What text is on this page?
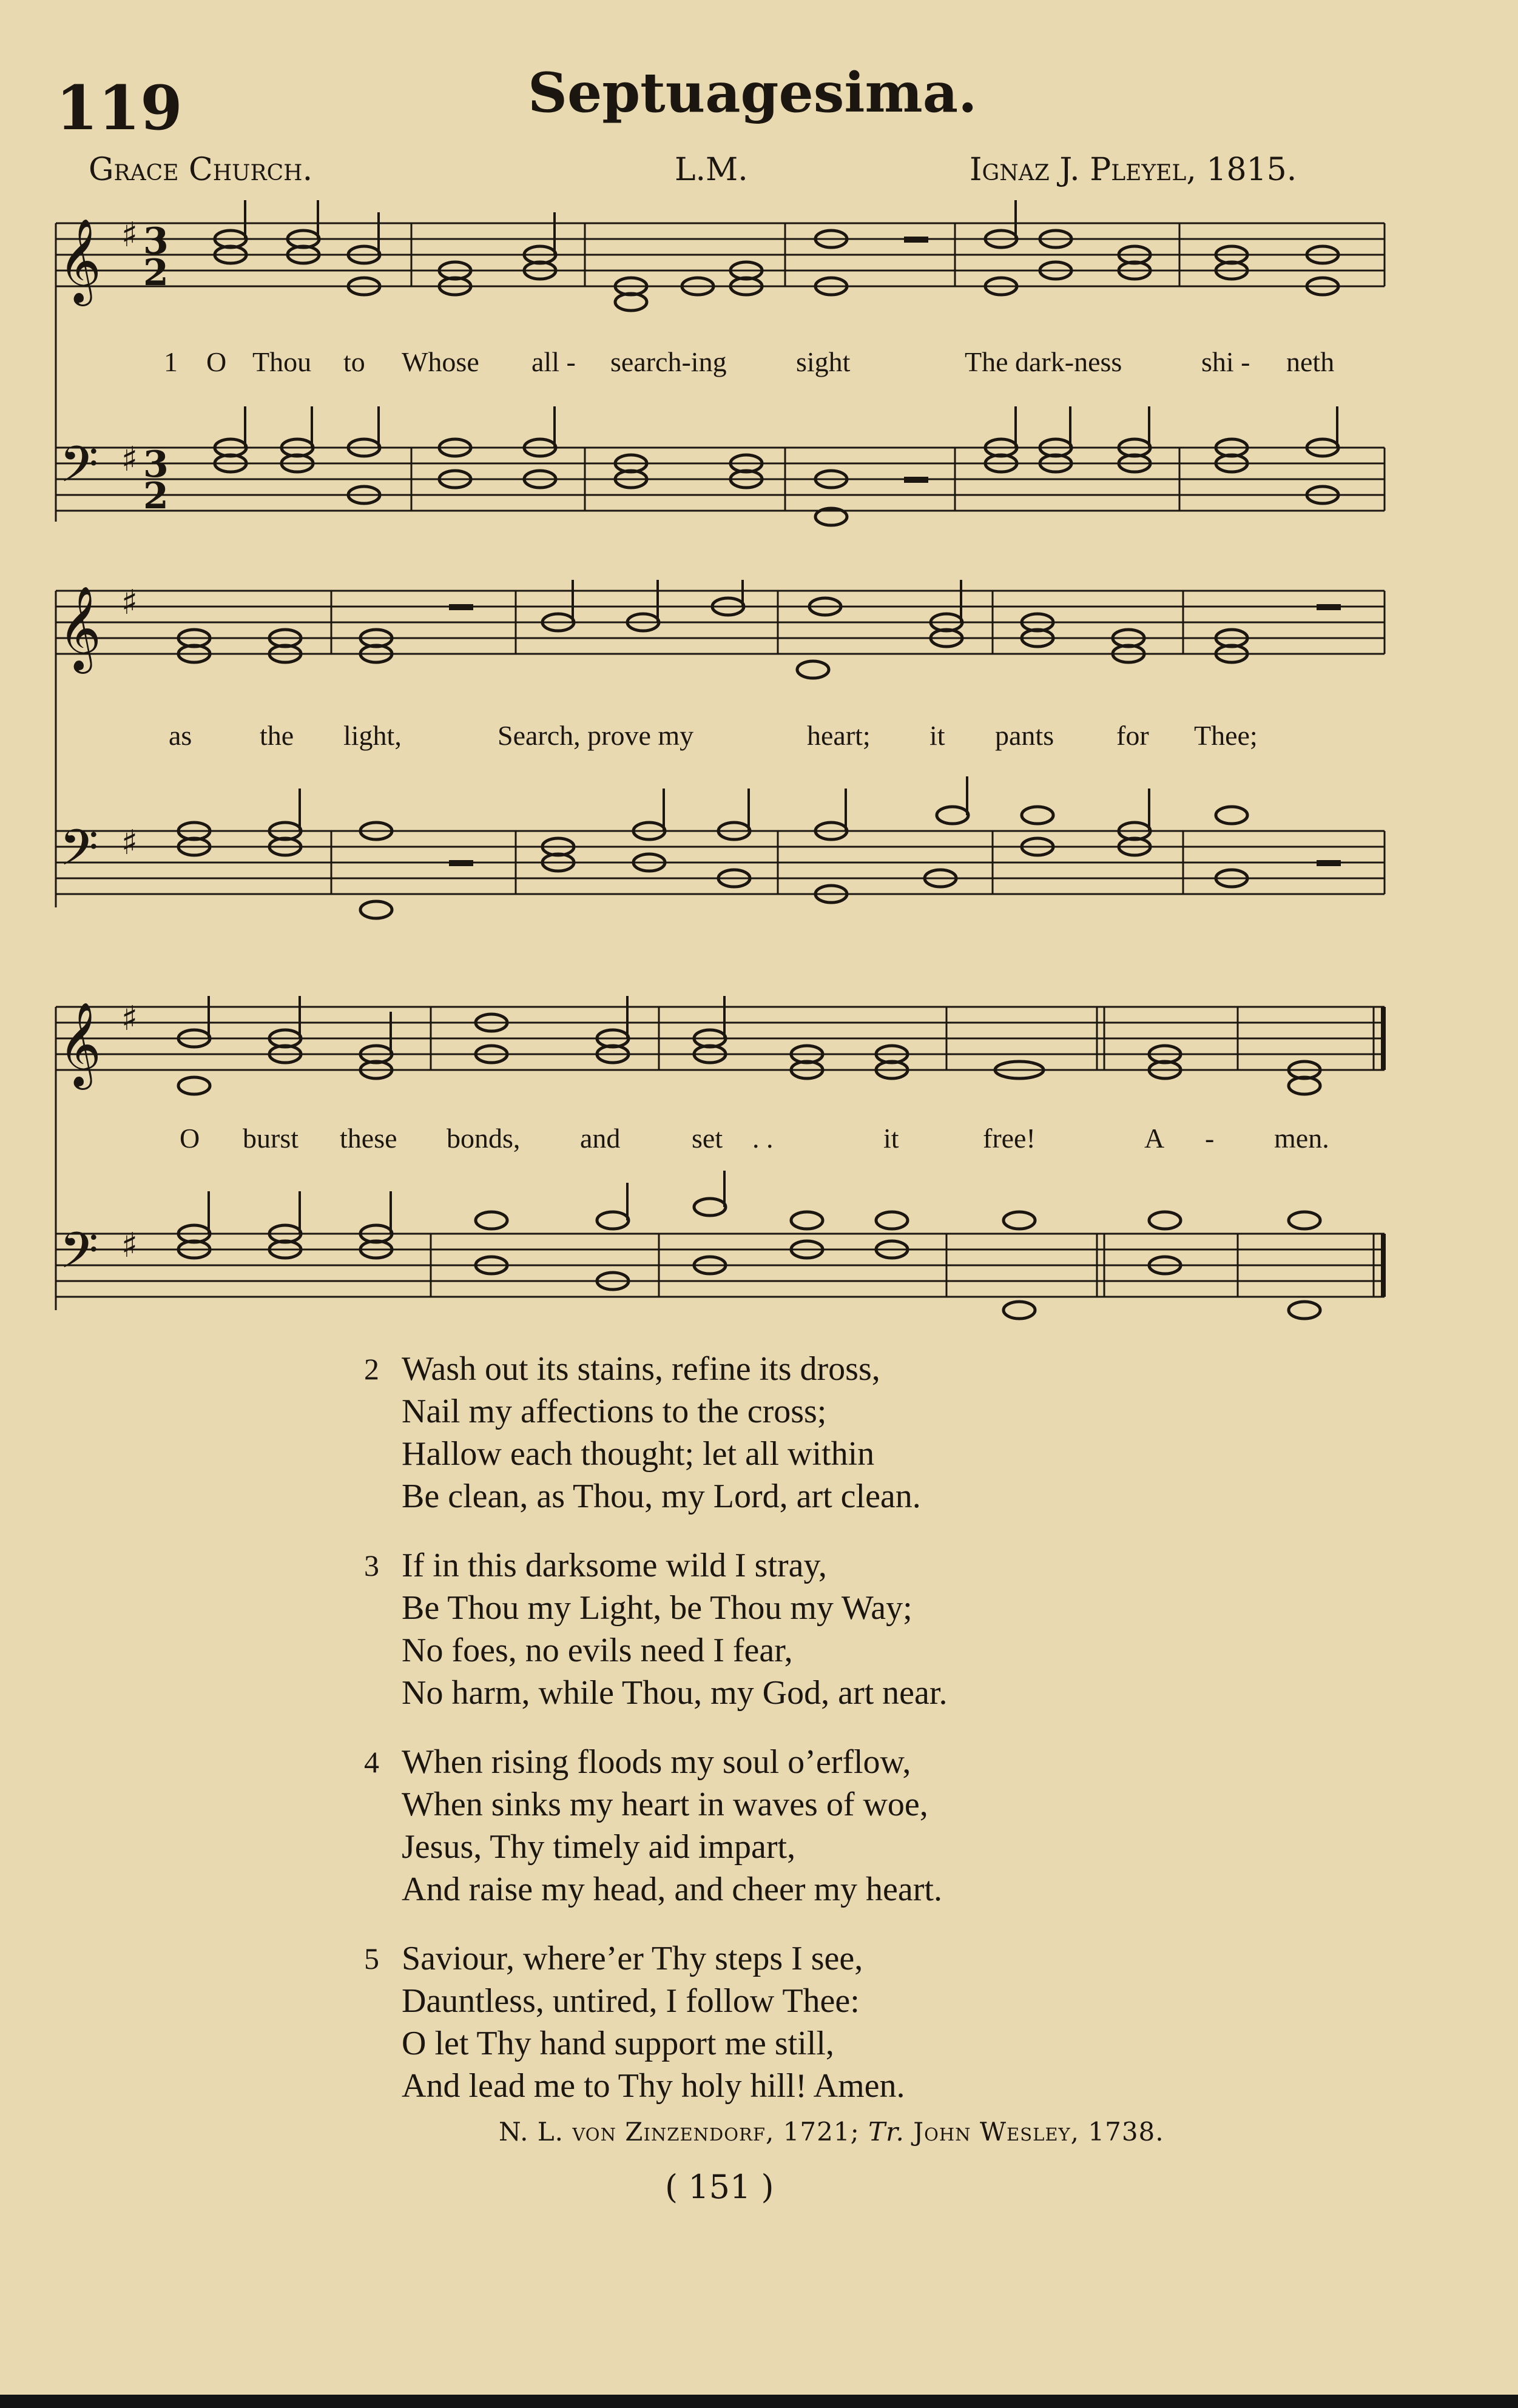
119	Septuagesima.
Grace Church.	L.M.	Ignaz J. Pleyel, 1815.
𝄞 ♯ 3
2
𝄢 ♯ 3
2
1 O Thou to Whose all - search-ing sight	The dark-ness	shi - neth
𝄞 ♯
𝄢 ♯
as the light,	Search, prove my	heart; it pants for Thee;
𝄞 ♯
𝄢 ♯
O burst these bonds, and	set . .	it	free!	A - men.
2 Wash out its stains, refine its dross,
Nail my affections to the cross;
Hallow each thought; let all within
Be clean, as Thou, my Lord, art clean.
3 If in this darksome wild I stray,
Be Thou my Light, be Thou my Way;
No foes, no evils need I fear,
No harm, while Thou, my God, art near.
4 When rising floods my soul o’erflow,
When sinks my heart in waves of woe,
Jesus, Thy timely aid impart,
And raise my head, and cheer my heart.
5 Saviour, where’er Thy steps I see,
Dauntless, untired, I follow Thee:
O let Thy hand support me still,
And lead me to Thy holy hill! Amen.
N. L. von Zinzendorf, 1721; Tr. John Wesley, 1738.
( 151 )
